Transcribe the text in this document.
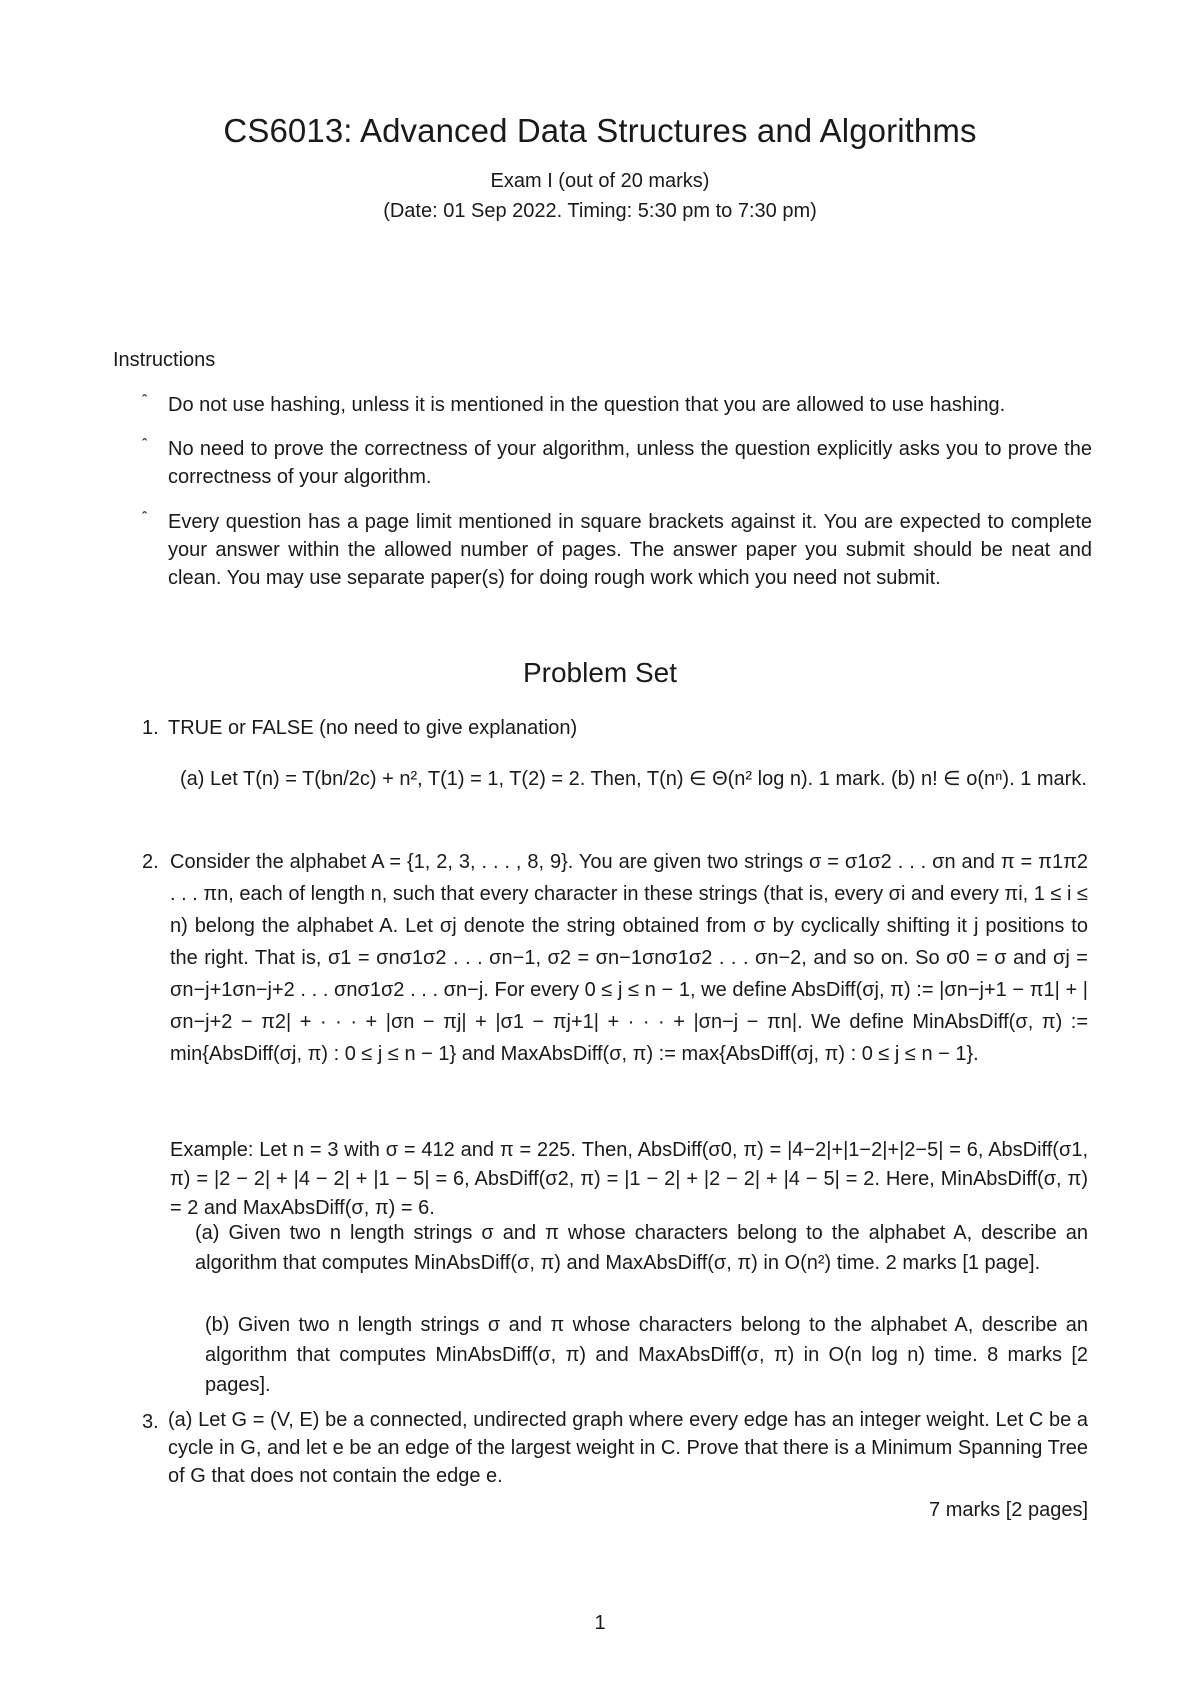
CS6013: Advanced Data Structures and Algorithms
Exam I (out of 20 marks)
(Date: 01 Sep 2022. Timing: 5:30 pm to 7:30 pm)
Instructions
ˆ	Do not use hashing, unless it is mentioned in the question that you are allowed to use hashing.
ˆ	No need to prove the correctness of your algorithm, unless the question explicitly asks you to prove the correctness of your algorithm.
ˆ	Every question has a page limit mentioned in square brackets against it. You are expected to complete your answer within the allowed number of pages. The answer paper you submit should be neat and clean. You may use separate paper(s) for doing rough work which you need not submit.
Problem Set
1. TRUE or FALSE (no need to give explanation)
(a) Let T(n) = T(bn/2c) + n², T(1) = 1, T(2) = 2. Then, T(n) ∈ Θ(n² log n). 1 mark. (b) n! ∈ o(nⁿ). 1 mark.
2. Consider the alphabet A = {1, 2, 3, . . . , 8, 9}. You are given two strings σ = σ1σ2 . . . σn and π = π1π2 . . . πn, each of length n, such that every character in these strings (that is, every σi and every πi, 1 ≤ i ≤ n) belong the alphabet A. Let σj denote the string obtained from σ by cyclically shifting it j positions to the right. That is, σ1 = σnσ1σ2 . . . σn−1, σ2 = σn−1σnσ1σ2 . . . σn−2, and so on. So σ0 = σ and σj = σn−j+1σn−j+2 . . . σnσ1σ2 . . . σn−j. For every 0 ≤ j ≤ n − 1, we define AbsDiff(σj, π) := |σn−j+1 − π1| + |σn−j+2 − π2| + · · · + |σn − πj| + |σ1 − πj+1| + · · · + |σn−j − πn|. We define MinAbsDiff(σ, π) := min{AbsDiff(σj, π) : 0 ≤ j ≤ n − 1} and MaxAbsDiff(σ, π) := max{AbsDiff(σj, π) : 0 ≤ j ≤ n − 1}.
Example: Let n = 3 with σ = 412 and π = 225. Then, AbsDiff(σ0, π) = |4−2|+|1−2|+|2−5| = 6, AbsDiff(σ1, π) = |2 − 2| + |4 − 2| + |1 − 5| = 6, AbsDiff(σ2, π) = |1 − 2| + |2 − 2| + |4 − 5| = 2. Here, MinAbsDiff(σ, π) = 2 and MaxAbsDiff(σ, π) = 6.
(a) Given two n length strings σ and π whose characters belong to the alphabet A, describe an algorithm that computes MinAbsDiff(σ, π) and MaxAbsDiff(σ, π) in O(n²) time. 2 marks [1 page].
(b) Given two n length strings σ and π whose characters belong to the alphabet A, describe an algorithm that computes MinAbsDiff(σ, π) and MaxAbsDiff(σ, π) in O(n log n) time. 8 marks [2 pages].
3. (a) Let G = (V, E) be a connected, undirected graph where every edge has an integer weight. Let C be a cycle in G, and let e be an edge of the largest weight in C. Prove that there is a Minimum Spanning Tree of G that does not contain the edge e.
7 marks [2 pages]
1
